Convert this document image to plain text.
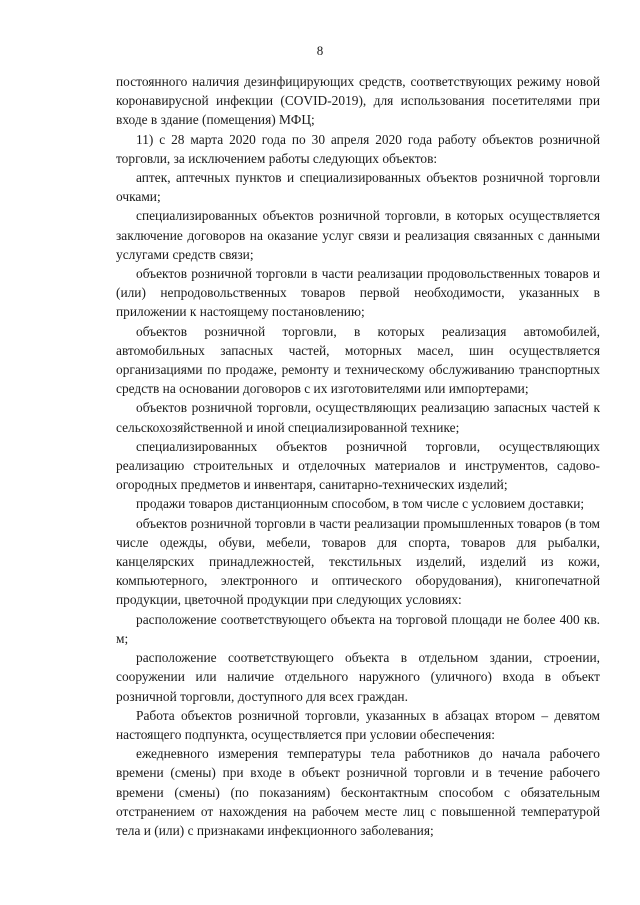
8

постоянного наличия дезинфицирующих средств, соответствующих режиму новой коронавирусной инфекции (COVID-2019), для использования посетителями при входе в здание (помещения) МФЦ;

11) с 28 марта 2020 года по 30 апреля 2020 года работу объектов розничной торговли, за исключением работы следующих объектов:

аптек, аптечных пунктов и специализированных объектов розничной торговли очками;

специализированных объектов розничной торговли, в которых осуществляется заключение договоров на оказание услуг связи и реализация связанных с данными услугами средств связи;

объектов розничной торговли в части реализации продовольственных товаров и (или) непродовольственных товаров первой необходимости, указанных в приложении к настоящему постановлению;

объектов розничной торговли, в которых реализация автомобилей, автомобильных запасных частей, моторных масел, шин осуществляется организациями по продаже, ремонту и техническому обслуживанию транспортных средств на основании договоров с их изготовителями или импортерами;

объектов розничной торговли, осуществляющих реализацию запасных частей к сельскохозяйственной и иной специализированной технике;

специализированных объектов розничной торговли, осуществляющих реализацию строительных и отделочных материалов и инструментов, садово-огородных предметов и инвентаря, санитарно-технических изделий;

продажи товаров дистанционным способом, в том числе с условием доставки;

объектов розничной торговли в части реализации промышленных товаров (в том числе одежды, обуви, мебели, товаров для спорта, товаров для рыбалки, канцелярских принадлежностей, текстильных изделий, изделий из кожи, компьютерного, электронного и оптического оборудования), книгопечатной продукции, цветочной продукции при следующих условиях:

расположение соответствующего объекта на торговой площади не более 400 кв. м;

расположение соответствующего объекта в отдельном здании, строении, сооружении или наличие отдельного наружного (уличного) входа в объект розничной торговли, доступного для всех граждан.

Работа объектов розничной торговли, указанных в абзацах втором – девятом настоящего подпункта, осуществляется при условии обеспечения:

ежедневного измерения температуры тела работников до начала рабочего времени (смены) при входе в объект розничной торговли и в течение рабочего времени (смены) (по показаниям) бесконтактным способом с обязательным отстранением от нахождения на рабочем месте лиц с повышенной температурой тела и (или) с признаками инфекционного заболевания;
